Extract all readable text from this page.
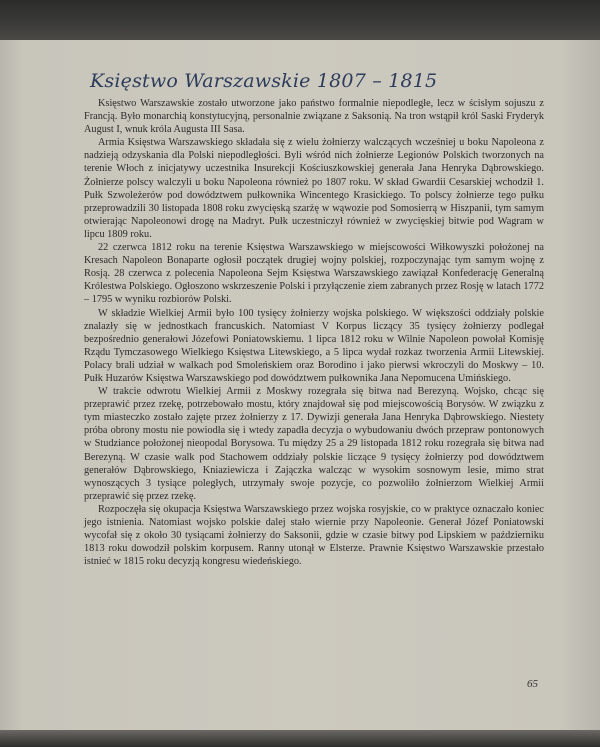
Księstwo Warszawskie 1807 – 1815

Księstwo Warszawskie zostało utworzone jako państwo formalnie niepodległe, lecz w ścisłym sojuszu z Francją. Było monarchią konstytucyjną, personalnie związane z Saksonią. Na tron wstąpił król Saski Fryderyk August I, wnuk króla Augusta III Sasa.

Armia Księstwa Warszawskiego składała się z wielu żołnierzy walczących wcześniej u boku Napoleona z nadzieją odzyskania dla Polski niepodległości. Byli wśród nich żołnierze Legionów Polskich tworzonych na terenie Włoch z inicjatywy uczestnika Insurekcji Kościuszkowskiej generała Jana Henryka Dąbrowskiego. Żołnierze polscy walczyli u boku Napoleona również po 1807 roku. W skład Gwardii Cesarskiej wchodził 1. Pułk Szwoleżerów pod dowództwem pułkownika Wincentego Krasickiego. To polscy żołnierze tego pułku przeprowadzili 30 listopada 1808 roku zwycięską szarżę w wąwozie pod Somosierrą w Hiszpanii, tym samym otwierając Napoleonowi drogę na Madryt. Pułk uczestniczył również w zwycięskiej bitwie pod Wagram w lipcu 1809 roku.

22 czerwca 1812 roku na terenie Księstwa Warszawskiego w miejscowości Wiłkowyszki położonej na Kresach Napoleon Bonaparte ogłosił początek drugiej wojny polskiej, rozpoczynając tym samym wojnę z Rosją. 28 czerwca z polecenia Napoleona Sejm Księstwa Warszawskiego zawiązał Konfederację Generalną Królestwa Polskiego. Ogłoszono wskrzeszenie Polski i przyłączenie ziem zabranych przez Rosję w latach 1772 – 1795 w wyniku rozbiorów Polski.

W składzie Wielkiej Armii było 100 tysięcy żołnierzy wojska polskiego. W większości oddziały polskie znalazły się w jednostkach francuskich. Natomiast V Korpus liczący 35 tysięcy żołnierzy podlegał bezpośrednio generałowi Józefowi Poniatowskiemu. 1 lipca 1812 roku w Wilnie Napoleon powołał Komisję Rządu Tymczasowego Wielkiego Księstwa Litewskiego, a 5 lipca wydał rozkaz tworzenia Armii Litewskiej. Polacy brali udział w walkach pod Smoleńskiem oraz Borodino i jako pierwsi wkroczyli do Moskwy – 10. Pułk Huzarów Księstwa Warszawskiego pod dowództwem pułkownika Jana Nepomucena Umińskiego.

W trakcie odwrotu Wielkiej Armii z Moskwy rozegrała się bitwa nad Berezyną. Wojsko, chcąc się przeprawić przez rzekę, potrzebowało mostu, który znajdował się pod miejscowością Borysów. W związku z tym miasteczko zostało zajęte przez żołnierzy z 17. Dywizji generała Jana Henryka Dąbrowskiego. Niestety próba obrony mostu nie powiodła się i wtedy zapadła decyzja o wybudowaniu dwóch przepraw pontonowych w Studziance położonej nieopodal Borysowa. Tu między 25 a 29 listopada 1812 roku rozegrała się bitwa nad Berezyną. W czasie walk pod Stachowem oddziały polskie liczące 9 tysięcy żołnierzy pod dowództwem generałów Dąbrowskiego, Kniaziewicza i Zajączka walcząc w wysokim sosnowym lesie, mimo strat wynoszących 3 tysiące poległych, utrzymały swoje pozycje, co pozwoliło żołnierzom Wielkiej Armii przeprawić się przez rzekę.

Rozpoczęła się okupacja Księstwa Warszawskiego przez wojska rosyjskie, co w praktyce oznaczało koniec jego istnienia. Natomiast wojsko polskie dalej stało wiernie przy Napoleonie. Generał Józef Poniatowski wycofał się z około 30 tysiącami żołnierzy do Saksonii, gdzie w czasie bitwy pod Lipskiem w październiku 1813 roku dowodził polskim korpusem. Ranny utonął w Elsterze. Prawnie Księstwo Warszawskie przestało istnieć w 1815 roku decyzją kongresu wiedeńskiego.

65
